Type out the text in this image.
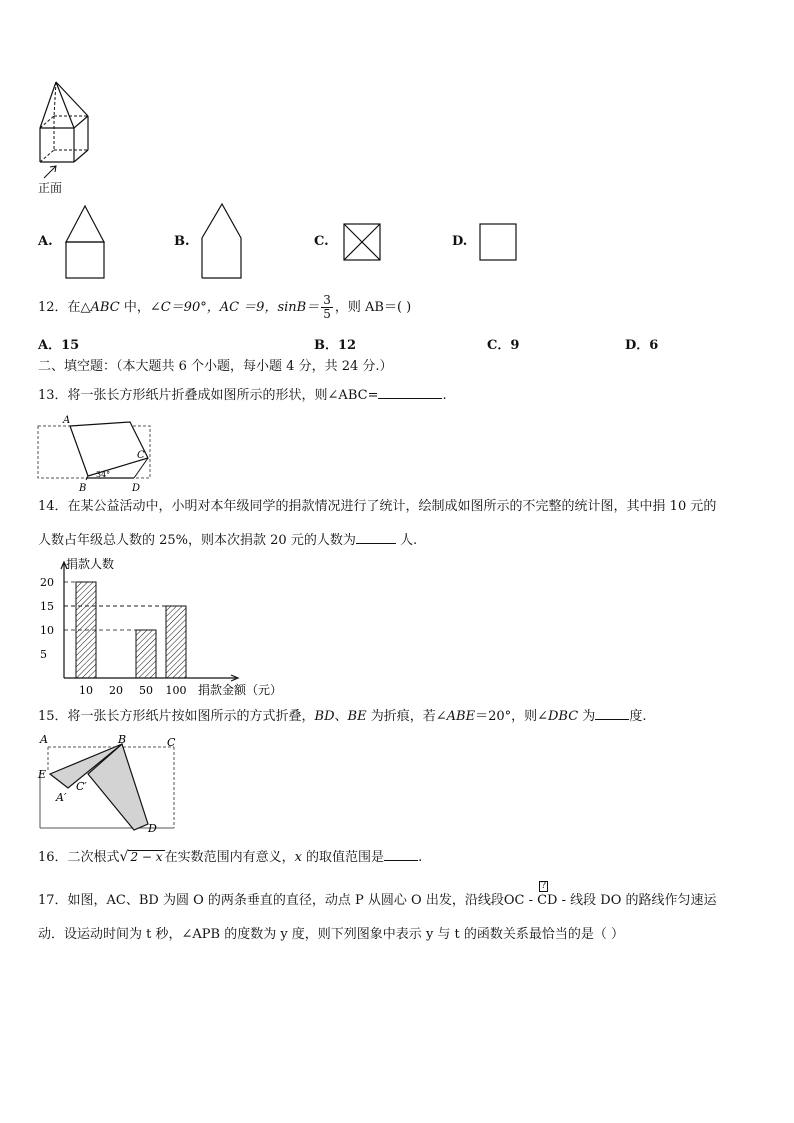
正面
A.	B.	C.	D.
12．在△ABC 中，∠C＝90°，AC ＝9，$\sin B= \frac{3}{5}$ ，则 AB＝( )
A．15	B．12	C．9	D．6
二、填空题：（本大题共 6 个小题，每小题 4 分，共 24 分.）
13．将一张长方形纸片折叠成如图所示的形状，则∠ABC=	.
A
C
B	D
34°
14．在某公益活动中，小明对本年级同学的捐款情况进行了统计，绘制成如图所示的不完整的统计图，其中捐 10 元的
人数占年级总人数的 25%，则本次捐款 20 元的人数为	人.
捐款人数
5
10
15
20
10 20 50 100 捐款金额（元）
15．将一张长方形纸片按如图所示的方式折叠，BD、BE 为折痕，若∠ABE＝20°，则∠DBC 为	度.
A	B	C
E
A′
C′
D
16．二次根式√ 2 − x 在实数范围内有意义，x 的取值范围是	.
17．如图，AC、BD 为圆 O 的两条垂直的直径，动点 P 从圆心 O 出发，沿线段OC -
?
CD - 线段 DO 的路线作匀速运
动．设运动时间为 t 秒，∠APB 的度数为 y 度，则下列图象中表示 y 与 t 的函数关系最恰当的是（ ）
